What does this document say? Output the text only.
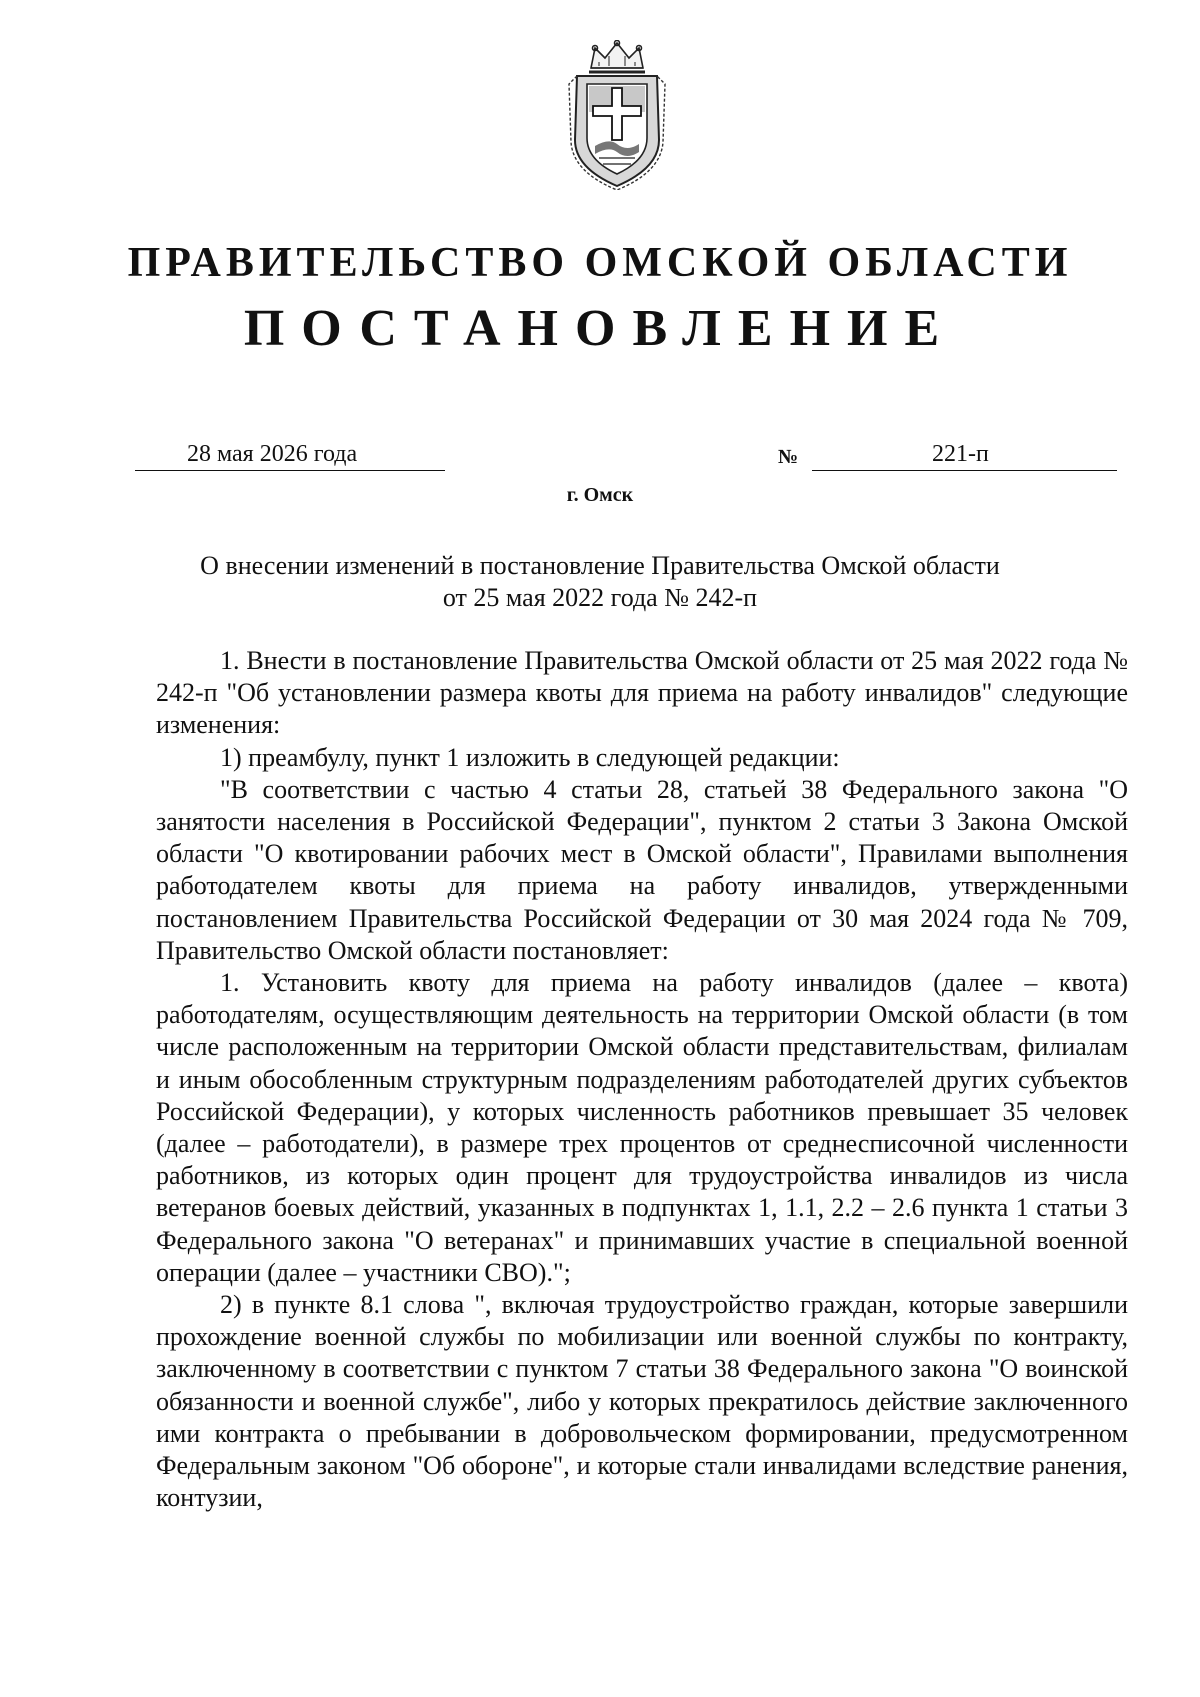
ПРАВИТЕЛЬСТВО ОМСКОЙ ОБЛАСТИ
ПОСТАНОВЛЕНИЕ
28 мая 2026 года	№	221-п
г. Омск
О внесении изменений в постановление Правительства Омской области
от 25 мая 2022 года № 242-п

1. Внести в постановление Правительства Омской области от 25 мая 2022 года № 242-п "Об установлении размера квоты для приема на работу инвалидов" следующие изменения:

1) преамбулу, пункт 1 изложить в следующей редакции:

"В соответствии с частью 4 статьи 28, статьей 38 Федерального закона "О занятости населения в Российской Федерации", пунктом 2 статьи 3 Закона Омской области "О квотировании рабочих мест в Омской области", Правилами выполнения работодателем квоты для приема на работу инвалидов, утвержденными постановлением Правительства Российской Федерации от 30 мая 2024 года № 709, Правительство Омской области постановляет:

1. Установить квоту для приема на работу инвалидов (далее – квота) работодателям, осуществляющим деятельность на территории Омской области (в том числе расположенным на территории Омской области представительствам, филиалам и иным обособленным структурным подразделениям работодателей других субъектов Российской Федерации), у которых численность работников превышает 35 человек (далее – работодатели), в размере трех процентов от среднесписочной численности работников, из которых один процент для трудоустройства инвалидов из числа ветеранов боевых действий, указанных в подпунктах 1, 1.1, 2.2 – 2.6 пункта 1 статьи 3 Федерального закона "О ветеранах" и принимавших участие в специальной военной операции (далее – участники СВО).";

2) в пункте 8.1 слова ", включая трудоустройство граждан, которые завершили прохождение военной службы по мобилизации или военной службы по контракту, заключенному в соответствии с пунктом 7 статьи 38 Федерального закона "О воинской обязанности и военной службе", либо у которых прекратилось действие заключенного ими контракта о пребывании в добровольческом формировании, предусмотренном Федеральным законом "Об обороне", и которые стали инвалидами вследствие ранения, контузии,
